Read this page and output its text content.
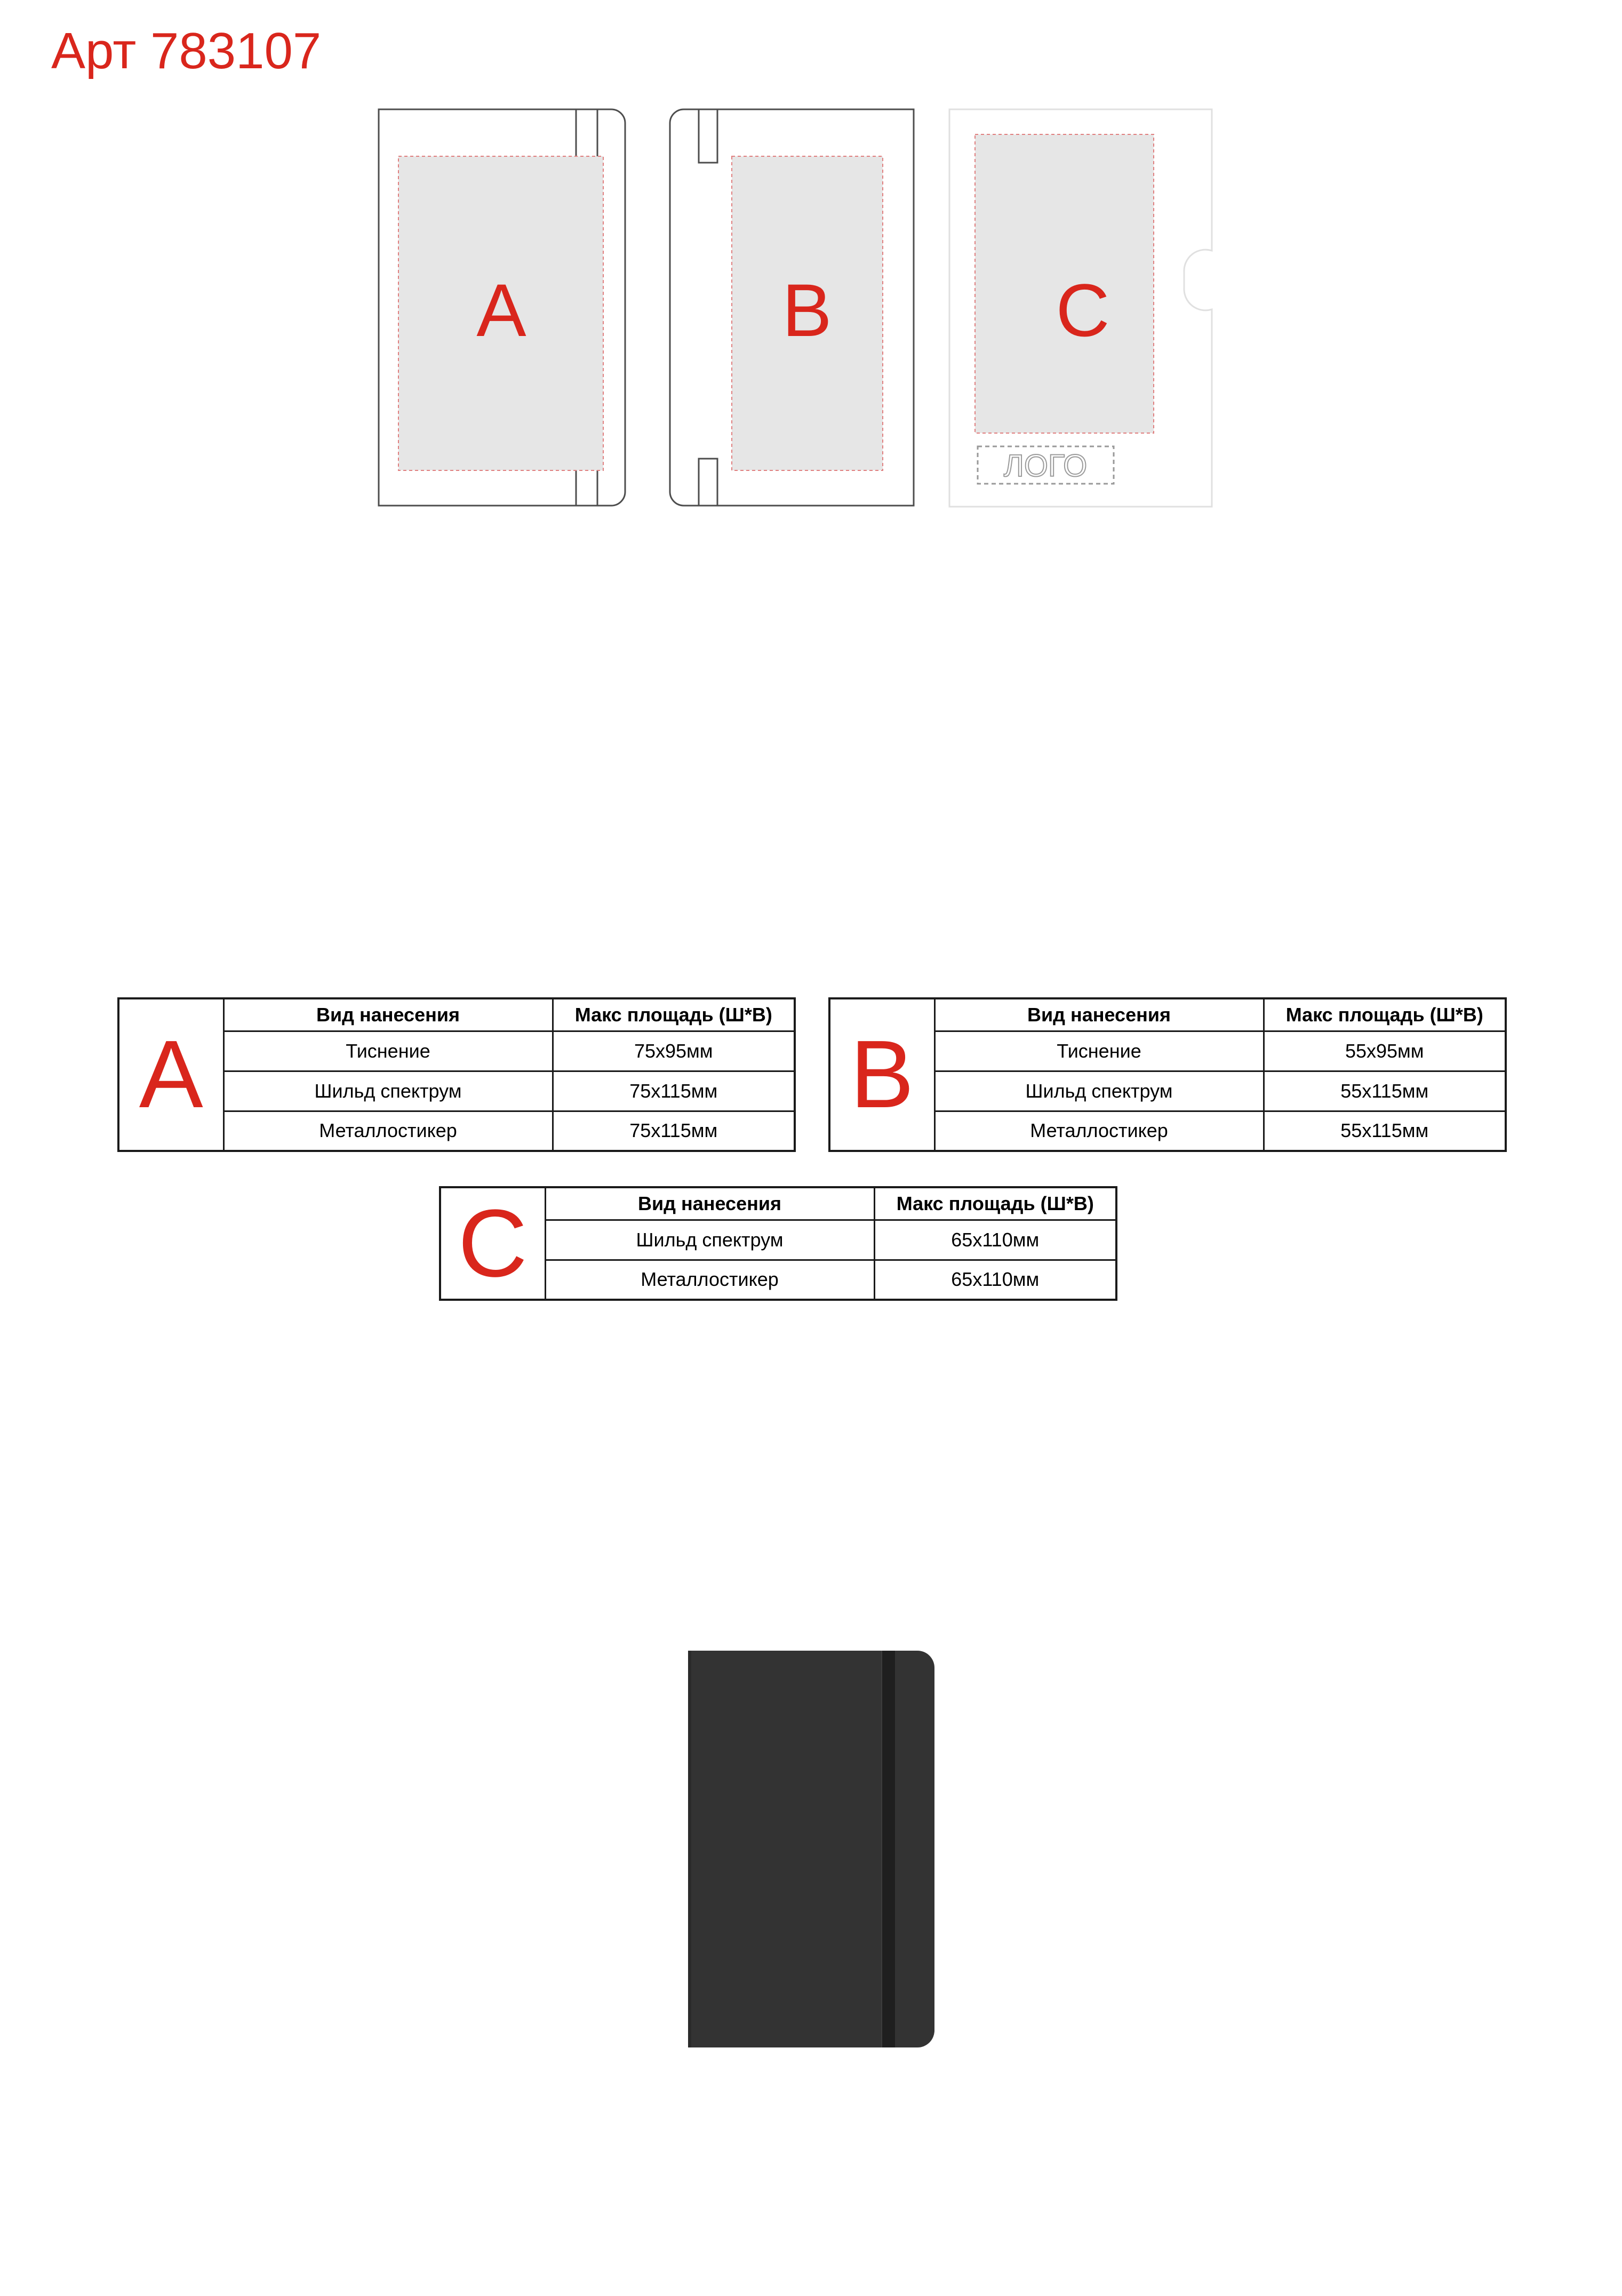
Арт 783107
A	B	C
ЛОГО
A	Вид нанесения	Макс площадь (Ш*В)
	Тиснение	75x95мм
	Шильд спектрум	75x115мм
	Металлостикер	75x115мм
B	Вид нанесения	Макс площадь (Ш*В)
	Тиснение	55x95мм
	Шильд спектрум	55x115мм
	Металлостикер	55x115мм
C	Вид нанесения	Макс площадь (Ш*В)
	Шильд спектрум	65x110мм
	Металлостикер	65x110мм
